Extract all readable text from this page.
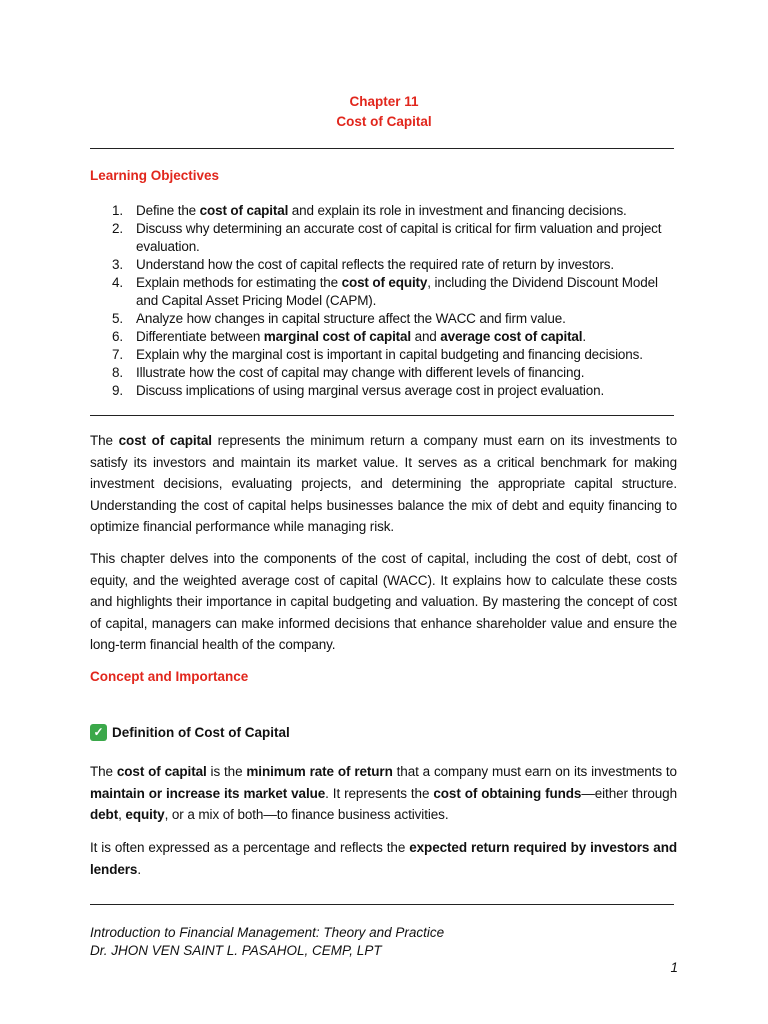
Chapter 11
Cost of Capital
Learning Objectives
1. Define the cost of capital and explain its role in investment and financing decisions.
2. Discuss why determining an accurate cost of capital is critical for firm valuation and project evaluation.
3. Understand how the cost of capital reflects the required rate of return by investors.
4. Explain methods for estimating the cost of equity, including the Dividend Discount Model and Capital Asset Pricing Model (CAPM).
5. Analyze how changes in capital structure affect the WACC and firm value.
6. Differentiate between marginal cost of capital and average cost of capital.
7. Explain why the marginal cost is important in capital budgeting and financing decisions.
8. Illustrate how the cost of capital may change with different levels of financing.
9. Discuss implications of using marginal versus average cost in project evaluation.

The cost of capital represents the minimum return a company must earn on its investments to satisfy its investors and maintain its market value. It serves as a critical benchmark for making investment decisions, evaluating projects, and determining the appropriate capital structure. Understanding the cost of capital helps businesses balance the mix of debt and equity financing to optimize financial performance while managing risk.

This chapter delves into the components of the cost of capital, including the cost of debt, cost of equity, and the weighted average cost of capital (WACC). It explains how to calculate these costs and highlights their importance in capital budgeting and valuation. By mastering the concept of cost of capital, managers can make informed decisions that enhance shareholder value and ensure the long-term financial health of the company.

Concept and Importance
✓ Definition of Cost of Capital

The cost of capital is the minimum rate of return that a company must earn on its investments to maintain or increase its market value. It represents the cost of obtaining funds—either through debt, equity, or a mix of both—to finance business activities.

It is often expressed as a percentage and reflects the expected return required by investors and lenders.

Introduction to Financial Management: Theory and Practice
Dr. JHON VEN SAINT L. PASAHOL, CEMP, LPT
1
